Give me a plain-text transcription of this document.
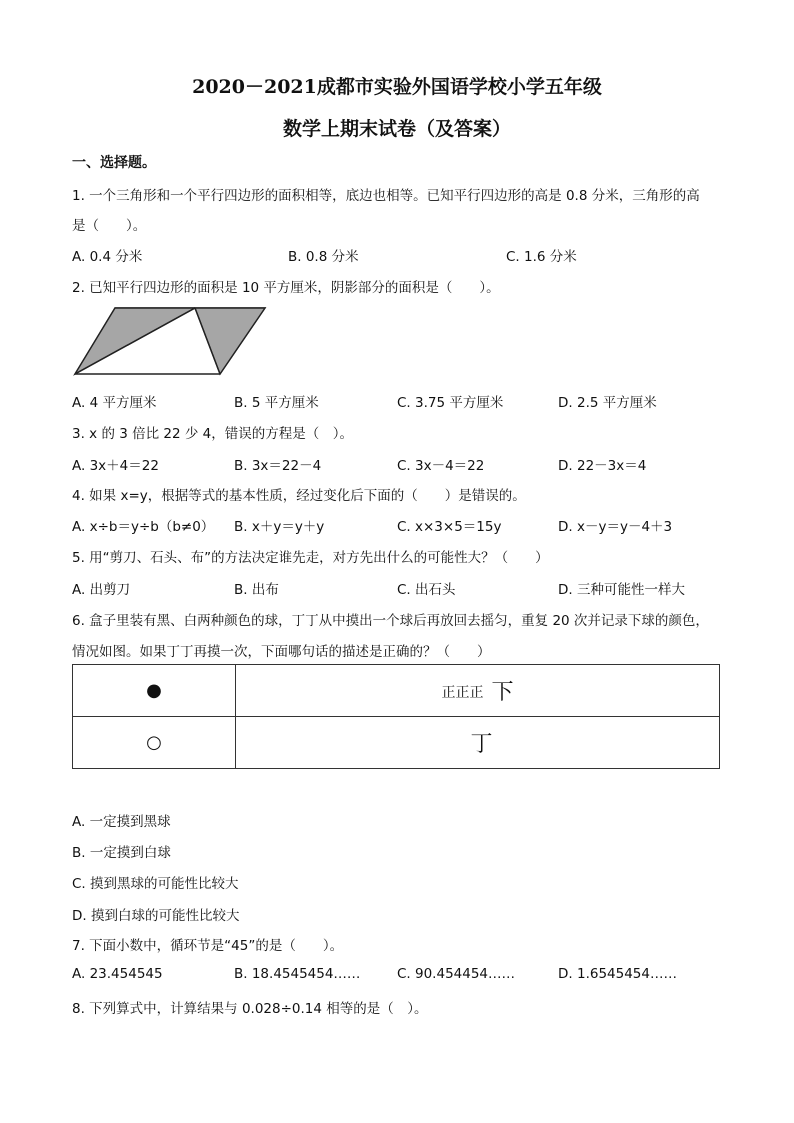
2020－2021成都市实验外国语学校小学五年级
数学上期末试卷（及答案）
一、选择题。
1. 一个三角形和一个平行四边形的面积相等，底边也相等。已知平行四边形的高是 0.8 分米，三角形的高
是（　　）。
A. 0.4 分米	B. 0.8 分米	C. 1.6 分米
2. 已知平行四边形的面积是 10 平方厘米，阴影部分的面积是（　　）。
A. 4 平方厘米	B. 5 平方厘米	C. 3.75 平方厘米	D. 2.5 平方厘米
3. x 的 3 倍比 22 少 4，错误的方程是（　）。
A. 3x＋4＝22	B. 3x＝22－4	C. 3x－4＝22	D. 22－3x＝4
4. 如果 x=y，根据等式的基本性质，经过变化后下面的（　　）是错误的。
A. x÷b＝y÷b（b≠0） B. x＋y＝y＋y	C. x×3×5＝15y	D. x－y＝y－4＋3
5. 用“剪刀、石头、布”的方法决定谁先走，对方先出什么的可能性大？（　　）
A. 出剪刀	B. 出布	C. 出石头	D. 三种可能性一样大
6. 盒子里装有黑、白两种颜色的球，丁丁从中摸出一个球后再放回去摇匀，重复 20 次并记录下球的颜色，
情况如图。如果丁丁再摸一次，下面哪句话的描述是正确的？（　　）
●	正正正 下
○	丁
A. 一定摸到黑球
B. 一定摸到白球
C. 摸到黑球的可能性比较大
D. 摸到白球的可能性比较大
7. 下面小数中，循环节是“45”的是（　　）。
A. 23.454545	B. 18.4545454……	C. 90.454454……	D. 1.6545454……
8. 下列算式中，计算结果与 0.028÷0.14 相等的是（　）。
